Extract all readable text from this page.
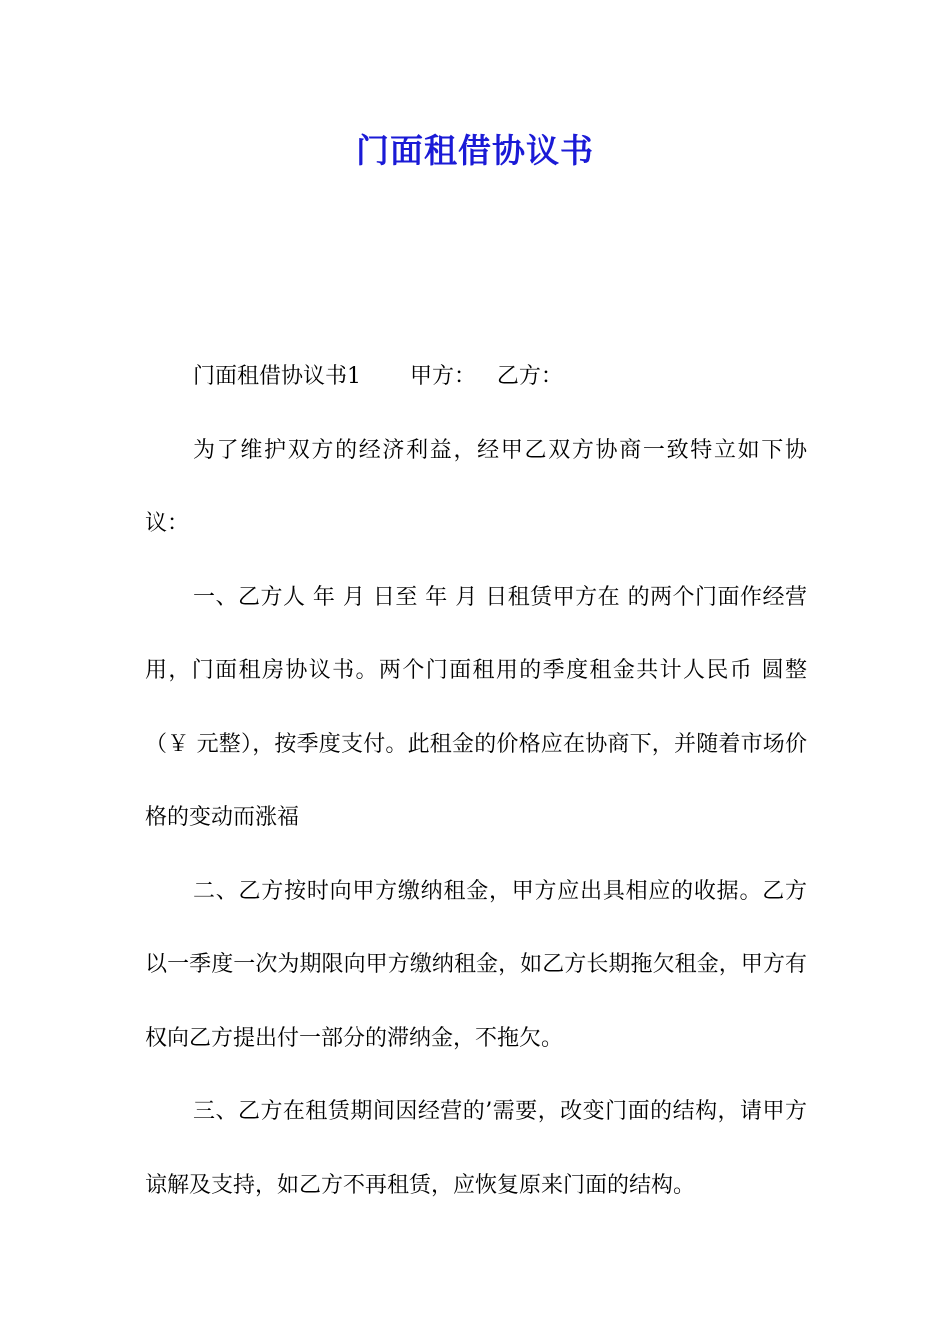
门面租借协议书

门面租借协议书1       甲方：   乙方：

为了维护双方的经济利益，经甲乙双方协商一致特立如下协议：

一、乙方人 年 月 日至 年 月 日租赁甲方在 的两个门面作经营用，门面租房协议书。两个门面租用的季度租金共计人民币 圆整（￥ 元整），按季度支付。此租金的价格应在协商下，并随着市场价格的变动而涨福

二、乙方按时向甲方缴纳租金，甲方应出具相应的收据。乙方以一季度一次为期限向甲方缴纳租金，如乙方长期拖欠租金，甲方有权向乙方提出付一部分的滞纳金，不拖欠。

三、乙方在租赁期间因经营的’需要，改变门面的结构，请甲方谅解及支持，如乙方不再租赁，应恢复原来门面的结构。
